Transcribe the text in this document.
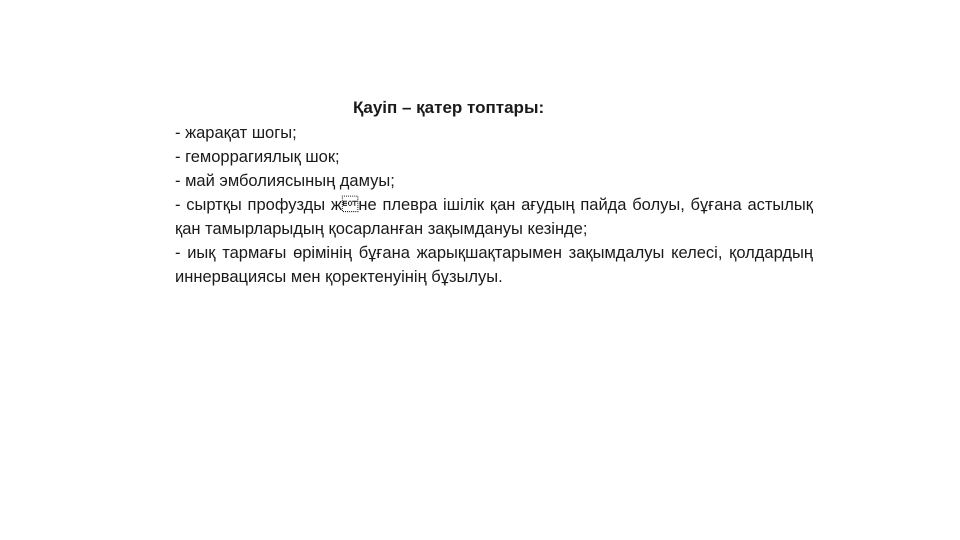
Қауіп – қатер топтары:

- жарақат шогы;

- геморрагиялық шок;

- май эмболиясының дамуы;

- сыртқы профузды жне плевра ішілік қан ағудың пайда болуы, бұғана астылық қан тамырларыдың қосарланған зақымдануы кезінде;

- иық тармағы өрімінің бұғана жарықшақтарымен зақымдалуы келесі, қолдардың иннервациясы мен қоректенуінің бұзылуы.
